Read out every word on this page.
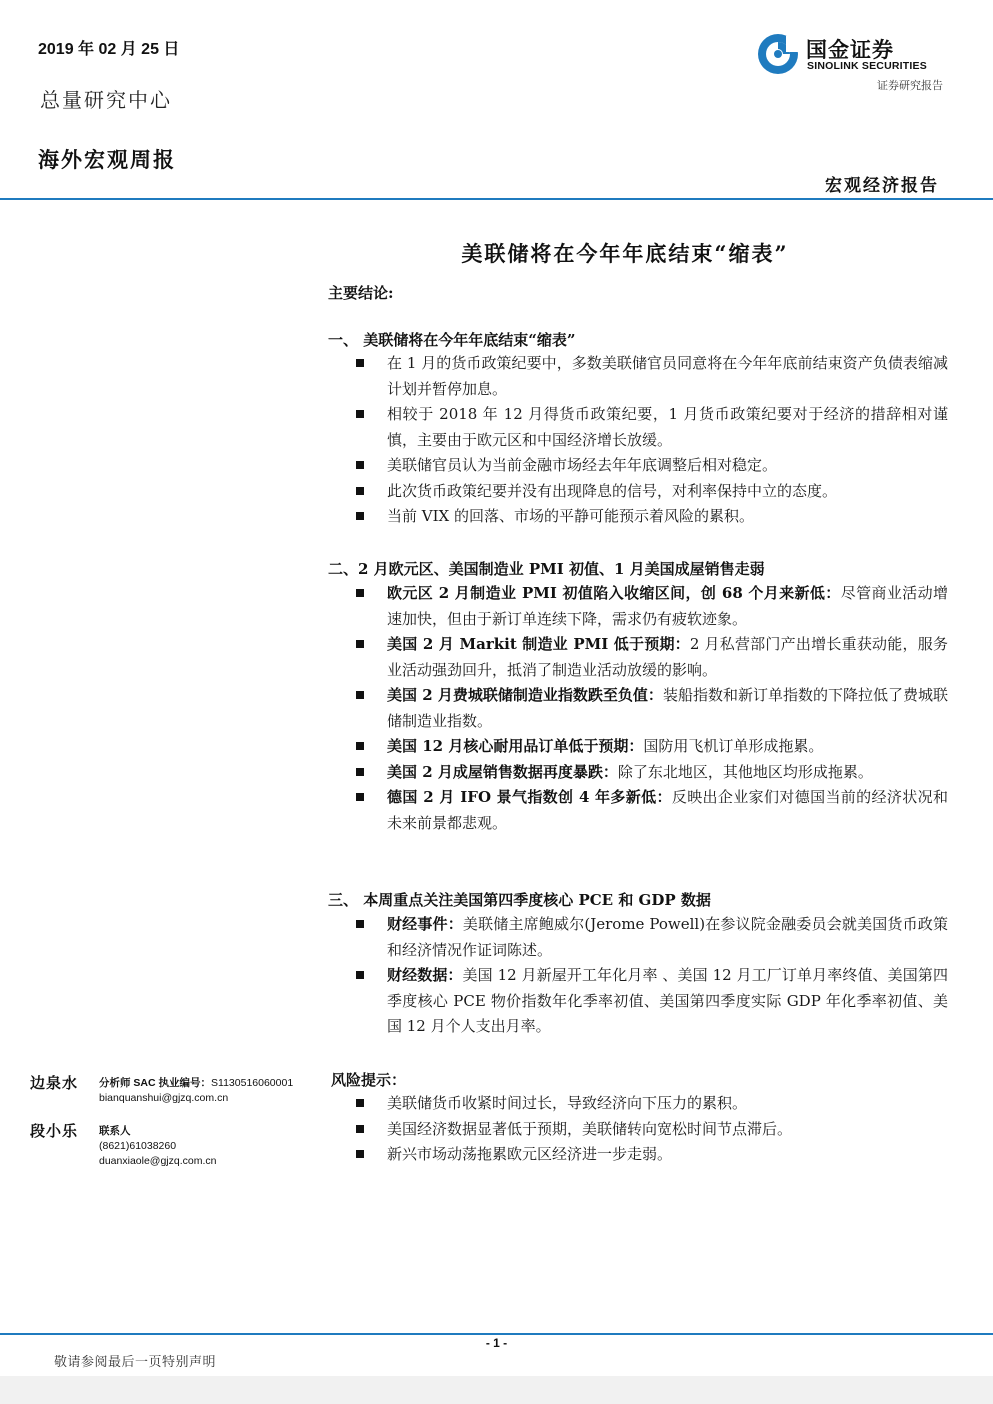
2019 年 02 月 25 日
总量研究中心
海外宏观周报
国金证券
SINOLINK SECURITIES
证券研究报告
宏观经济报告
美联储将在今年年底结束“缩表”
主要结论:
一、 美联储将在今年年底结束“缩表”
在 1 月的货币政策纪要中，多数美联储官员同意将在今年年底前结束资产负债表缩减计划并暂停加息。
相较于 2018 年 12 月得货币政策纪要，1 月货币政策纪要对于经济的措辞相对谨慎，主要由于欧元区和中国经济增长放缓。
美联储官员认为当前金融市场经去年年底调整后相对稳定。
此次货币政策纪要并没有出现降息的信号，对利率保持中立的态度。
当前 VIX 的回落、市场的平静可能预示着风险的累积。
二、2 月欧元区、美国制造业 PMI 初值、1 月美国成屋销售走弱
欧元区 2 月制造业 PMI 初值陷入收缩区间，创 68 个月来新低：尽管商业活动增速加快，但由于新订单连续下降，需求仍有疲软迹象。
美国 2 月 Markit 制造业 PMI 低于预期：2 月私营部门产出增长重获动能，服务业活动强劲回升，抵消了制造业活动放缓的影响。
美国 2 月费城联储制造业指数跌至负值：装船指数和新订单指数的下降拉低了费城联储制造业指数。
美国 12 月核心耐用品订单低于预期：国防用飞机订单形成拖累。
美国 2 月成屋销售数据再度暴跌：除了东北地区，其他地区均形成拖累。
德国 2 月 IFO 景气指数创 4 年多新低：反映出企业家们对德国当前的经济状况和未来前景都悲观。
三、 本周重点关注美国第四季度核心 PCE 和 GDP 数据
财经事件：美联储主席鲍威尔(Jerome Powell)在参议院金融委员会就美国货币政策和经济情况作证词陈述。
财经数据：美国 12 月新屋开工年化月率 、美国 12 月工厂订单月率终值、美国第四季度核心 PCE 物价指数年化季率初值、美国第四季度实际 GDP 年化季率初值、美国 12 月个人支出月率。
边泉水 分析师 SAC 执业编号：S1130516060001
bianquanshui@gjzq.com.cn
段小乐 联系人
(8621)61038260
duanxiaole@gjzq.com.cn
风险提示：
美联储货币收紧时间过长，导致经济向下压力的累积。
美国经济数据显著低于预期，美联储转向宽松时间节点滞后。
新兴市场动荡拖累欧元区经济进一步走弱。
- 1 -
敬请参阅最后一页特别声明
